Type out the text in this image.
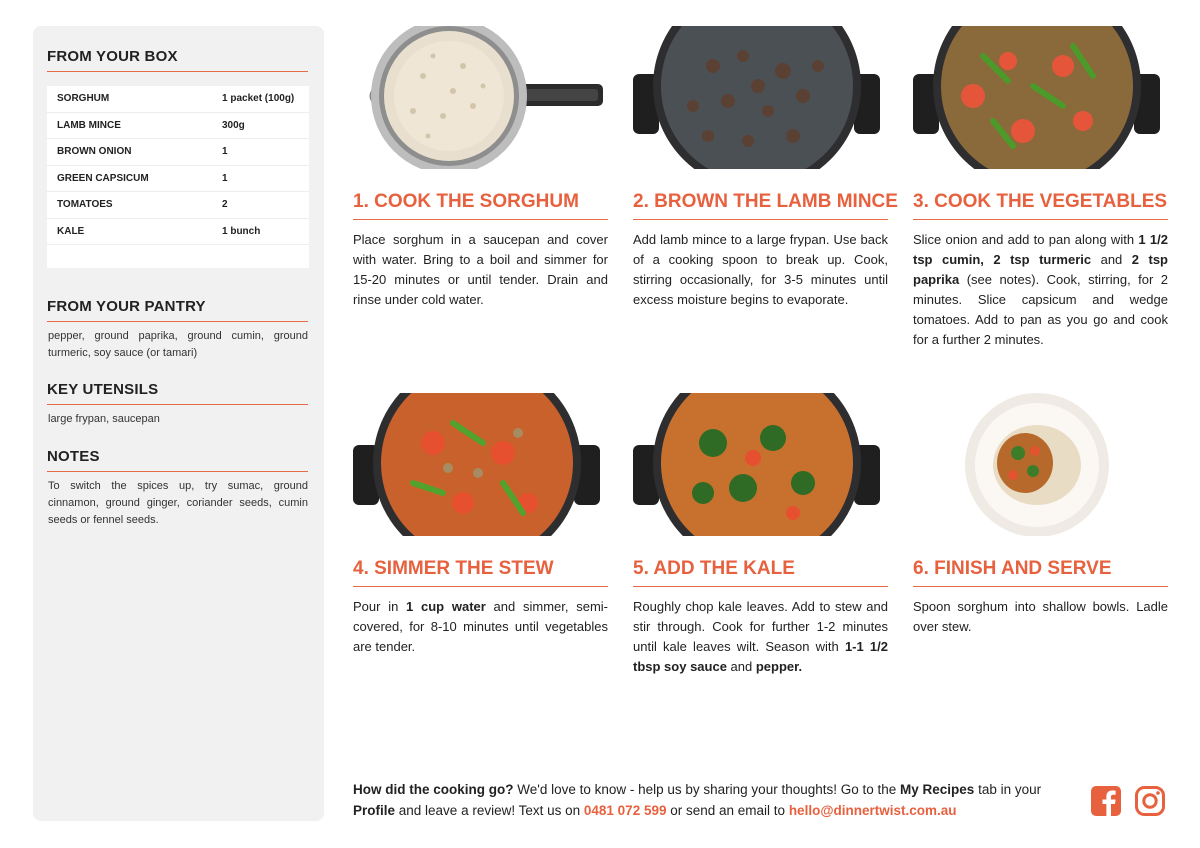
FROM YOUR BOX
SORGHUM	1 packet (100g)
LAMB MINCE	300g
BROWN ONION	1
GREEN CAPSICUM	1
TOMATOES	2
KALE	1 bunch
FROM YOUR PANTRY
pepper, ground paprika, ground cumin, ground turmeric, soy sauce (or tamari)
KEY UTENSILS
large frypan, saucepan
NOTES
To switch the spices up, try sumac, ground cinnamon, ground ginger, coriander seeds, cumin seeds or fennel seeds.
1. COOK THE SORGHUM
Place sorghum in a saucepan and cover with water. Bring to a boil and simmer for 15-20 minutes or until tender. Drain and rinse under cold water.
2. BROWN THE LAMB MINCE
Add lamb mince to a large frypan. Use back of a cooking spoon to break up. Cook, stirring occasionally, for 3-5 minutes until excess moisture begins to evaporate.
3. COOK THE VEGETABLES
Slice onion and add to pan along with 1 1/2 tsp cumin, 2 tsp turmeric and 2 tsp paprika (see notes). Cook, stirring, for 2 minutes. Slice capsicum and wedge tomatoes. Add to pan as you go and cook for a further 2 minutes.
4. SIMMER THE STEW
Pour in 1 cup water and simmer, semi-covered, for 8-10 minutes until vegetables are tender.
5. ADD THE KALE
Roughly chop kale leaves. Add to stew and stir through. Cook for further 1-2 minutes until kale leaves wilt. Season with 1-1 1/2 tbsp soy sauce and pepper.
6. FINISH AND SERVE
Spoon sorghum into shallow bowls. Ladle over stew.
How did the cooking go? We'd love to know - help us by sharing your thoughts! Go to the My Recipes tab in your Profile and leave a review! Text us on 0481 072 599 or send an email to hello@dinnertwist.com.au
